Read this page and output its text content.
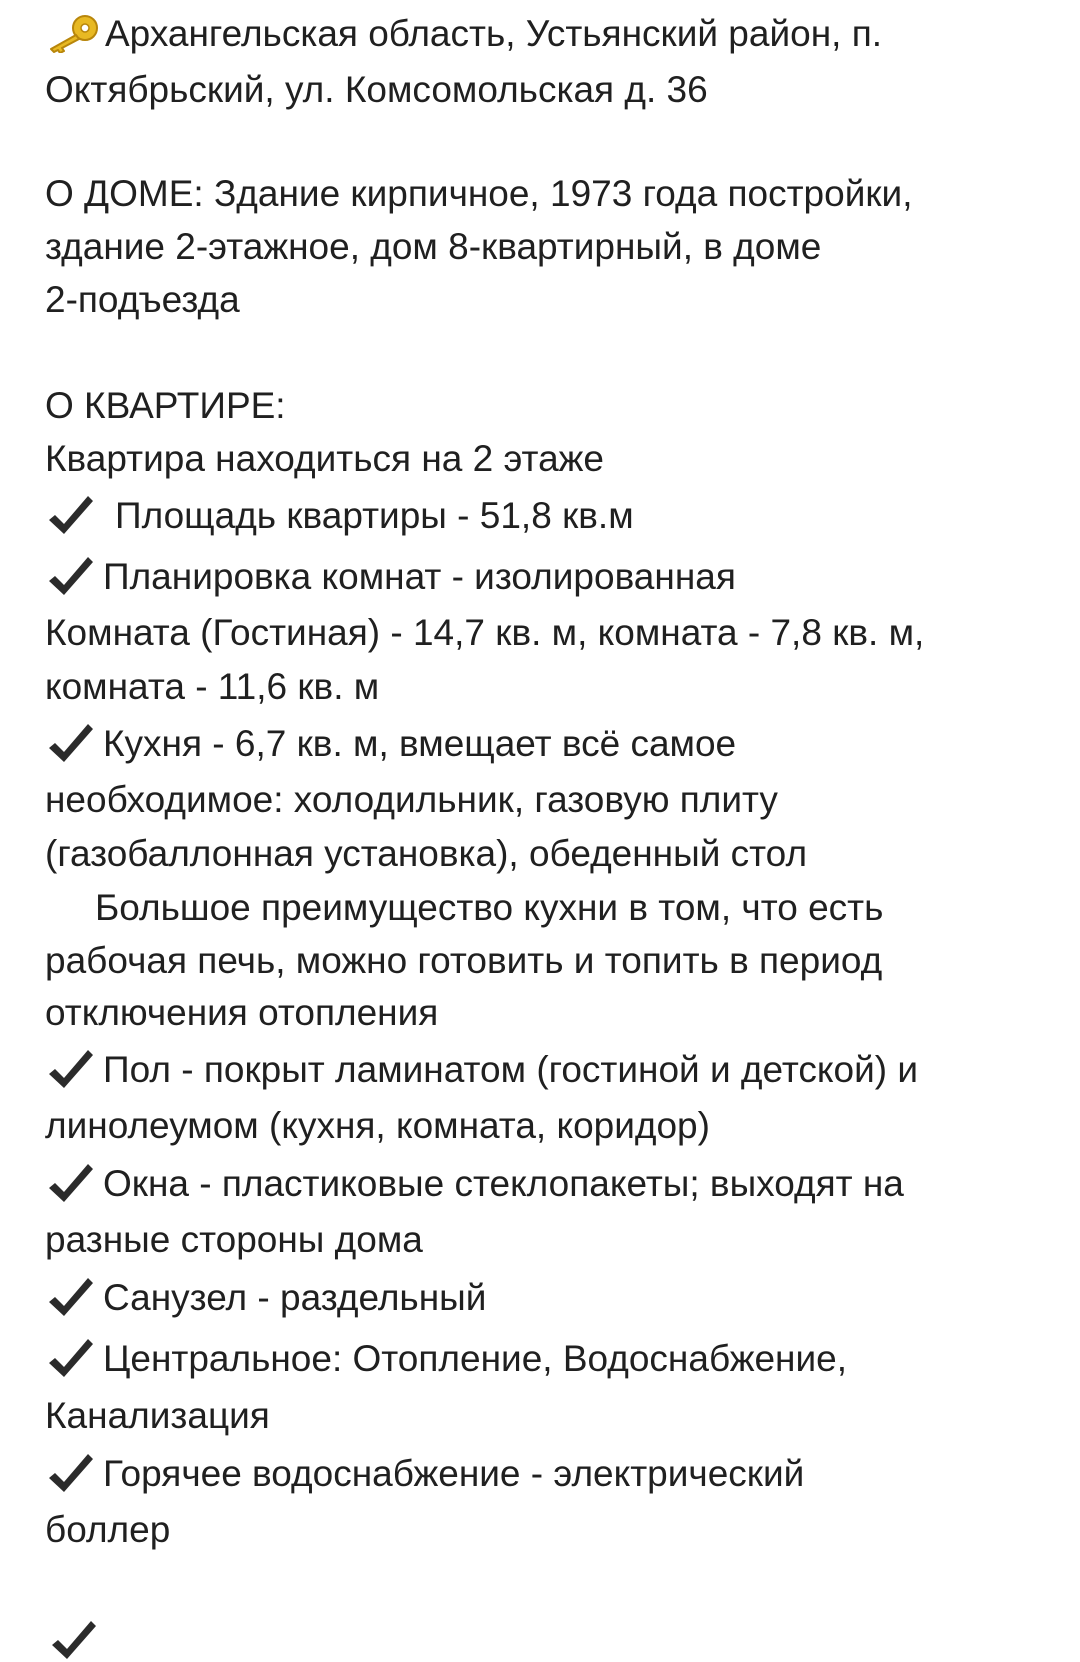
Архангельская область, Устьянский район, п.
Октябрьский, ул. Комсомольская д. 36
О ДОМЕ: Здание кирпичное, 1973 года постройки,
здание 2-этажное, дом 8-квартирный, в доме
2-подъезда
О КВАРТИРЕ:
Квартира находиться на 2 этаже
Площадь квартиры - 51,8 кв.м
Планировка комнат - изолированная
Комната (Гостиная) - 14,7 кв. м, комната - 7,8 кв. м,
комната - 11,6 кв. м
Кухня - 6,7 кв. м, вмещает всё самое
необходимое: холодильник, газовую плиту
(газобаллонная установка), обеденный стол
Большое преимущество кухни в том, что есть
рабочая печь, можно готовить и топить в период
отключения отопления
Пол - покрыт ламинатом (гостиной и детской) и
линолеумом (кухня, комната, коридор)
Окна - пластиковые стеклопакеты; выходят на
разные стороны дома
Санузел - раздельный
Центральное: Отопление, Водоснабжение,
Канализация
Горячее водоснабжение - электрический
боллер
